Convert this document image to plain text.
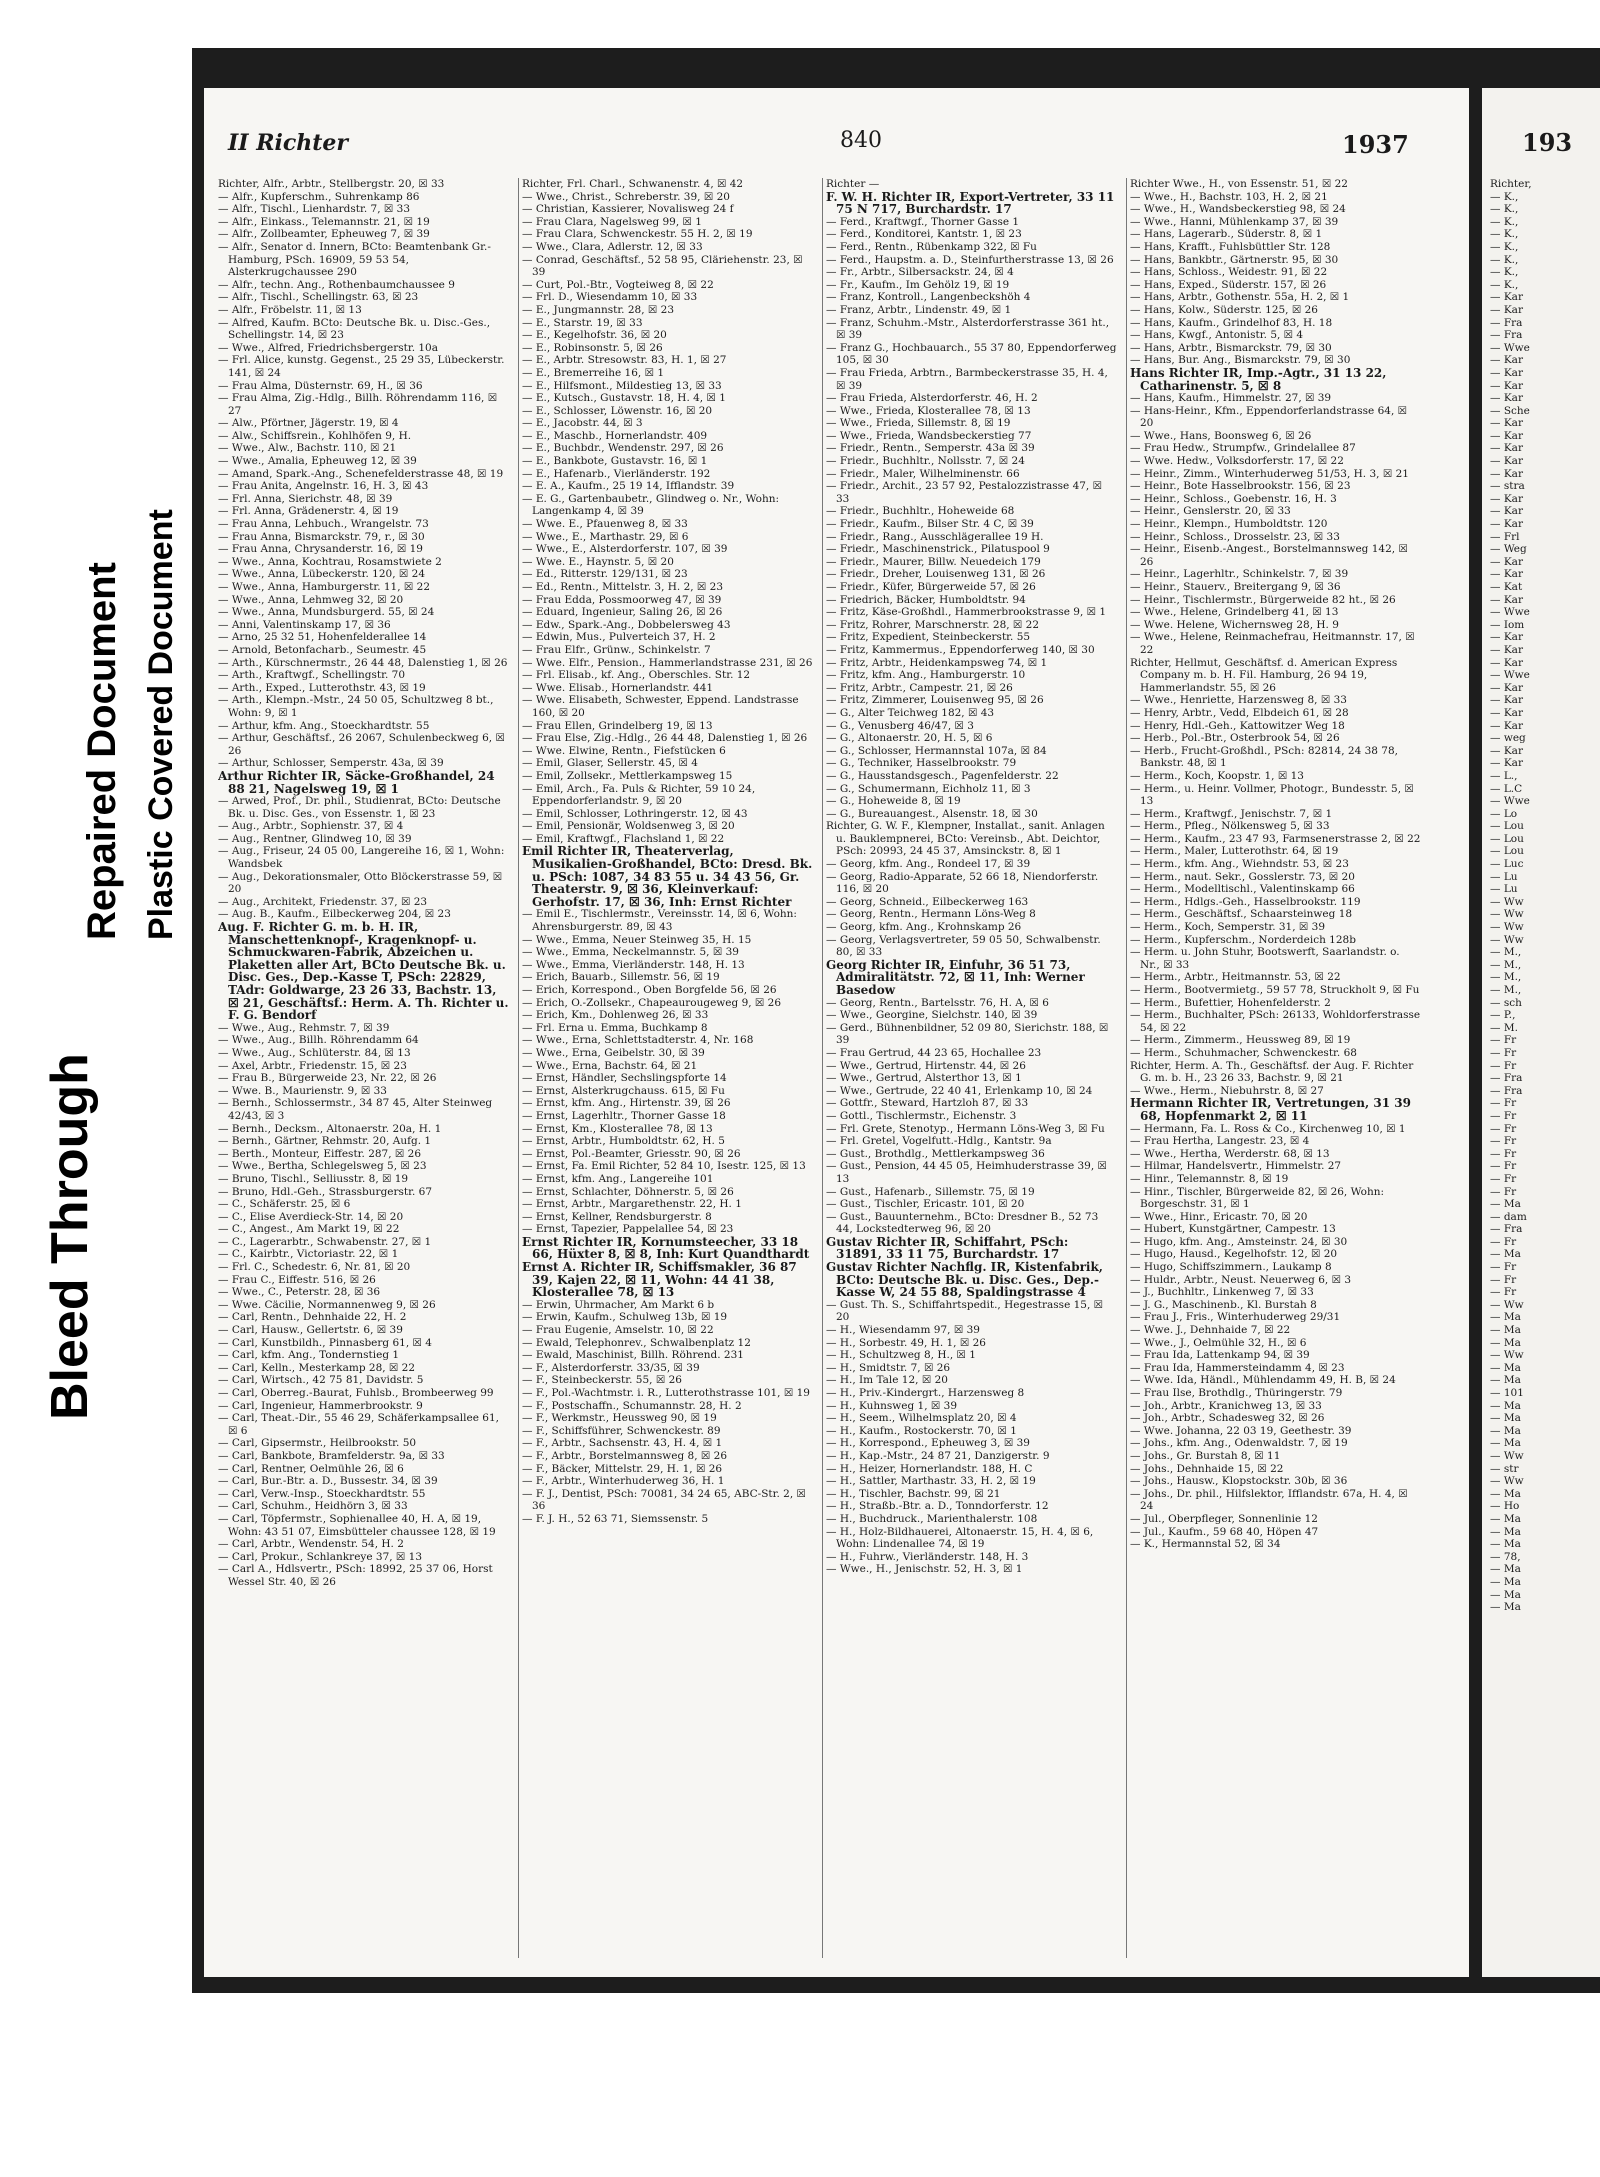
Bleed Through
Repaired Document Plastic Covered Document
II Richter	840	1937

Richter, Alfr., Arbtr., Stellbergstr. 20, ☒ 33

— Alfr., Kupferschm., Suhrenkamp 86

— Alfr., Tischl., Lienhardstr. 7, ☒ 33

— Alfr., Einkass., Telemannstr. 21, ☒ 19

— Alfr., Zollbeamter, Epheuweg 7, ☒ 39

— Alfr., Senator d. Innern, BCto: Beamtenbank Gr.-Hamburg, PSch. 16909, 59 53 54, Alsterkrugchaussee 290

— Alfr., techn. Ang., Rothenbaumchaussee 9

— Alfr., Tischl., Schellingstr. 63, ☒ 23

— Alfr., Fröbelstr. 11, ☒ 13

— Alfred, Kaufm. BCto: Deutsche Bk. u. Disc.-Ges., Schellingstr. 14, ☒ 23

— Wwe., Alfred, Friedrichsbergerstr. 10a

— Frl. Alice, kunstg. Gegenst., 25 29 35, Lübeckerstr. 141, ☒ 24

— Frau Alma, Düsternstr. 69, H., ☒ 36

— Frau Alma, Zig.-Hdlg., Billh. Röhrendamm 116, ☒ 27

— Alw., Pförtner, Jägerstr. 19, ☒ 4

— Alw., Schiffsrein., Kohlhöfen 9, H.

— Wwe., Alw., Bachstr. 110, ☒ 21

— Wwe., Amalia, Epheuweg 12, ☒ 39

— Amand, Spark.-Ang., Schenefelderstrasse 48, ☒ 19

— Frau Anita, Angelnstr. 16, H. 3, ☒ 43

— Frl. Anna, Sierichstr. 48, ☒ 39

— Frl. Anna, Grädenerstr. 4, ☒ 19

— Frau Anna, Lehbuch., Wrangelstr. 73

— Frau Anna, Bismarckstr. 79, r., ☒ 30

— Frau Anna, Chrysanderstr. 16, ☒ 19

— Wwe., Anna, Kochtrau, Rosamstwiete 2

— Wwe., Anna, Lübeckerstr. 120, ☒ 24

— Wwe., Anna, Hamburgerstr. 11, ☒ 22

— Wwe., Anna, Lehmweg 32, ☒ 20

— Wwe., Anna, Mundsburgerd. 55, ☒ 24

— Anni, Valentinskamp 17, ☒ 36

— Arno, 25 32 51, Hohenfelderallee 14

— Arnold, Betonfacharb., Seumestr. 45

— Arth., Kürschnermstr., 26 44 48, Dalenstieg 1, ☒ 26

— Arth., Kraftwgf., Schellingstr. 70

— Arth., Exped., Lutterothstr. 43, ☒ 19

— Arth., Klempn.-Mstr., 24 50 05, Schultzweg 8 bt., Wohn: 9, ☒ 1

— Arthur, kfm. Ang., Stoeckhardtstr. 55

— Arthur, Geschäftsf., 26 2067, Schulenbeckweg 6, ☒ 26

— Arthur, Schlosser, Semperstr. 43a, ☒ 39

Arthur Richter IR, Säcke-Großhandel, 24 88 21, Nagelsweg 19, ☒ 1

— Arwed, Prof., Dr. phil., Studienrat, BCto: Deutsche Bk. u. Disc. Ges., von Essenstr. 1, ☒ 23

— Aug., Arbtr., Sophienstr. 37, ☒ 4

— Aug., Rentner, Glindweg 10, ☒ 39

— Aug., Friseur, 24 05 00, Langereihe 16, ☒ 1, Wohn: Wandsbek

— Aug., Dekorationsmaler, Otto Blöckerstrasse 59, ☒ 20

— Aug., Architekt, Friedenstr. 37, ☒ 23

— Aug. B., Kaufm., Eilbeckerweg 204, ☒ 23

Aug. F. Richter G. m. b. H. IR, Manschettenknopf-, Kragenknopf- u. Schmuckwaren-Fabrik, Abzeichen u. Plaketten aller Art, BCto Deutsche Bk. u. Disc. Ges., Dep.-Kasse T, PSch: 22829, TAdr: Goldwarge, 23 26 33, Bachstr. 13, ☒ 21, Geschäftsf.: Herm. A. Th. Richter u. F. G. Bendorf

— Wwe., Aug., Rehmstr. 7, ☒ 39

— Wwe., Aug., Billh. Röhrendamm 64

— Wwe., Aug., Schlüterstr. 84, ☒ 13

— Axel, Arbtr., Friedenstr. 15, ☒ 23

— Frau B., Bürgerweide 23, Nr. 22, ☒ 26

— Wwe. B., Maurienstr. 9, ☒ 33

— Bernh., Schlossermstr., 34 87 45, Alter Steinweg 42/43, ☒ 3

— Bernh., Decksm., Altonaerstr. 20a, H. 1

— Bernh., Gärtner, Rehmstr. 20, Aufg. 1

— Berth., Monteur, Eiffestr. 287, ☒ 26

— Wwe., Bertha, Schlegelsweg 5, ☒ 23

— Bruno, Tischl., Selliusstr. 8, ☒ 19

— Bruno, Hdl.-Geh., Strassburgerstr. 67

— C., Schäferstr. 25, ☒ 6

— C., Elise Averdieck-Str. 14, ☒ 20

— C., Angest., Am Markt 19, ☒ 22

— C., Lagerarbtr., Schwabenstr. 27, ☒ 1

— C., Kairbtr., Victoriastr. 22, ☒ 1

— Frl. C., Schedestr. 6, Nr. 81, ☒ 20

— Frau C., Eiffestr. 516, ☒ 26

— Wwe., C., Peterstr. 28, ☒ 36

— Wwe. Cäcilie, Normannenweg 9, ☒ 26

— Carl, Rentn., Dehnhaide 22, H. 2

— Carl, Hausw., Gellertstr. 6, ☒ 39

— Carl, Kunstbildh., Pinnasberg 61, ☒ 4

— Carl, kfm. Ang., Tondernstieg 1

— Carl, Kelln., Mesterkamp 28, ☒ 22

— Carl, Wirtsch., 42 75 81, Davidstr. 5

— Carl, Oberreg.-Baurat, Fuhlsb., Brombeerweg 99

— Carl, Ingenieur, Hammerbrookstr. 9

— Carl, Theat.-Dir., 55 46 29, Schäferkampsallee 61, ☒ 6

— Carl, Gipsermstr., Heilbrookstr. 50

— Carl, Bankbote, Bramfelderstr. 9a, ☒ 33

— Carl, Rentner, Oelmühle 26, ☒ 6

— Carl, Bur.-Btr. a. D., Bussestr. 34, ☒ 39

— Carl, Verw.-Insp., Stoeckhardtstr. 55

— Carl, Schuhm., Heidhörn 3, ☒ 33

— Carl, Töpfermstr., Sophienallee 40, H. A, ☒ 19, Wohn: 43 51 07, Eimsbütteler chaussee 128, ☒ 19

— Carl, Arbtr., Wendenstr. 54, H. 2

— Carl, Prokur., Schlankreye 37, ☒ 13

— Carl A., Hdlsvertr., PSch: 18992, 25 37 06, Horst Wessel Str. 40, ☒ 26

Richter, Frl. Charl., Schwanenstr. 4, ☒ 42

— Wwe., Christ., Schreberstr. 39, ☒ 20

— Christian, Kassierer, Novalisweg 24 f

— Frau Clara, Nagelsweg 99, ☒ 1

— Frau Clara, Schwenckestr. 55 H. 2, ☒ 19

— Wwe., Clara, Adlerstr. 12, ☒ 33

— Conrad, Geschäftsf., 52 58 95, Cläriehenstr. 23, ☒ 39

— Curt, Pol.-Btr., Vogteiweg 8, ☒ 22

— Frl. D., Wiesendamm 10, ☒ 33

— E., Jungmannstr. 28, ☒ 23

— E., Starstr. 19, ☒ 33

— E., Kegelhofstr. 36, ☒ 20

— E., Robinsonstr. 5, ☒ 26

— E., Arbtr. Stresowstr. 83, H. 1, ☒ 27

— E., Bremerreihe 16, ☒ 1

— E., Hilfsmont., Mildestieg 13, ☒ 33

— E., Kutsch., Gustavstr. 18, H. 4, ☒ 1

— E., Schlosser, Löwenstr. 16, ☒ 20

— E., Jacobstr. 44, ☒ 3

— E., Maschb., Hornerlandstr. 409

— E., Buchbdr., Wendenstr. 297, ☒ 26

— E., Bankbote, Gustavstr. 16, ☒ 1

— E., Hafenarb., Vierländerstr. 192

— E. A., Kaufm., 25 19 14, Ifflandstr. 39

— E. G., Gartenbaubetr., Glindweg o. Nr., Wohn: Langenkamp 4, ☒ 39

— Wwe. E., Pfauenweg 8, ☒ 33

— Wwe., E., Marthastr. 29, ☒ 6

— Wwe., E., Alsterdorferstr. 107, ☒ 39

— Wwe. E., Haynstr. 5, ☒ 20

— Ed., Ritterstr. 129/131, ☒ 23

— Ed., Rentn., Mittelstr. 3, H. 2, ☒ 23

— Frau Edda, Possmoorweg 47, ☒ 39

— Eduard, Ingenieur, Saling 26, ☒ 26

— Edw., Spark.-Ang., Dobbelersweg 43

— Edwin, Mus., Pulverteich 37, H. 2

— Frau Elfr., Grünw., Schinkelstr. 7

— Wwe. Elfr., Pension., Hammerlandstrasse 231, ☒ 26

— Frl. Elisab., kf. Ang., Oberschles. Str. 12

— Wwe. Elisab., Hornerlandstr. 441

— Wwe. Elisabeth, Schwester, Eppend. Landstrasse 160, ☒ 20

— Frau Ellen, Grindelberg 19, ☒ 13

— Frau Else, Zig.-Hdlg., 26 44 48, Dalenstieg 1, ☒ 26

— Wwe. Elwine, Rentn., Fiefstücken 6

— Emil, Glaser, Sellerstr. 45, ☒ 4

— Emil, Zollsekr., Mettlerkampsweg 15

— Emil, Arch., Fa. Puls & Richter, 59 10 24, Eppendorferlandstr. 9, ☒ 20

— Emil, Schlosser, Lothringerstr. 12, ☒ 43

— Emil, Pensionär, Woldsenweg 3, ☒ 20

— Emil, Kraftwgf., Flachsland 1, ☒ 22

Emil Richter IR, Theaterverlag, Musikalien-Großhandel, BCto: Dresd. Bk. u. PSch: 1087, 34 83 55 u. 34 43 56, Gr. Theaterstr. 9, ☒ 36, Kleinverkauf: Gerhofstr. 17, ☒ 36, Inh: Ernst Richter

— Emil E., Tischlermstr., Vereinsstr. 14, ☒ 6, Wohn: Ahrensburgerstr. 89, ☒ 43

— Wwe., Emma, Neuer Steinweg 35, H. 15

— Wwe., Emma, Neckelmannstr. 5, ☒ 39

— Wwe., Emma, Vierländerstr. 148, H. 13

— Erich, Bauarb., Sillemstr. 56, ☒ 19

— Erich, Korrespond., Oben Borgfelde 56, ☒ 26

— Erich, O.-Zollsekr., Chapeaurougeweg 9, ☒ 26

— Erich, Km., Dohlenweg 26, ☒ 33

— Frl. Erna u. Emma, Buchkamp 8

— Wwe., Erna, Schlettstadterstr. 4, Nr. 168

— Wwe., Erna, Geibelstr. 30, ☒ 39

— Wwe., Erna, Bachstr. 64, ☒ 21

— Ernst, Händler, Sechslingspforte 14

— Ernst, Alsterkrugchauss. 615, ☒ Fu

— Ernst, kfm. Ang., Hirtenstr. 39, ☒ 26

— Ernst, Lagerhltr., Thorner Gasse 18

— Ernst, Km., Klosterallee 78, ☒ 13

— Ernst, Arbtr., Humboldtstr. 62, H. 5

— Ernst, Pol.-Beamter, Griesstr. 90, ☒ 26

— Ernst, Fa. Emil Richter, 52 84 10, Isestr. 125, ☒ 13

— Ernst, kfm. Ang., Langereihe 101

— Ernst, Schlachter, Döhnerstr. 5, ☒ 26

— Ernst, Arbtr., Margarethenstr. 22, H. 1

— Ernst, Kellner, Rendsburgerstr. 8

— Ernst, Tapezier, Pappelallee 54, ☒ 23

Ernst Richter IR, Kornumsteecher, 33 18 66, Hüxter 8, ☒ 8, Inh: Kurt Quandthardt

Ernst A. Richter IR, Schiffsmakler, 36 87 39, Kajen 22, ☒ 11, Wohn: 44 41 38, Klosterallee 78, ☒ 13

— Erwin, Uhrmacher, Am Markt 6 b

— Erwin, Kaufm., Schulweg 13b, ☒ 19

— Frau Eugenie, Amselstr. 10, ☒ 22

— Ewald, Telephonrev., Schwalbenplatz 12

— Ewald, Maschinist, Billh. Röhrend. 231

— F., Alsterdorferstr. 33/35, ☒ 39

— F., Steinbeckerstr. 55, ☒ 26

— F., Pol.-Wachtmstr. i. R., Lutterothstrasse 101, ☒ 19

— F., Postschaffn., Schumannstr. 28, H. 2

— F., Werkmstr., Heussweg 90, ☒ 19

— F., Schiffsführer, Schwenckestr. 89

— F., Arbtr., Sachsenstr. 43, H. 4, ☒ 1

— F., Arbtr., Borstelmannsweg 8, ☒ 26

— F., Bäcker, Mittelstr. 29, H. 1, ☒ 26

— F., Arbtr., Winterhuderweg 36, H. 1

— F. J., Dentist, PSch: 70081, 34 24 65, ABC-Str. 2, ☒ 36

— F. J. H., 52 63 71, Siemssenstr. 5

Richter —

F. W. H. Richter IR, Export-Vertreter, 33 11 75 N 717, Burchardstr. 17

— Ferd., Kraftwgf., Thorner Gasse 1

— Ferd., Konditorei, Kantstr. 1, ☒ 23

— Ferd., Rentn., Rübenkamp 322, ☒ Fu

— Ferd., Haupstm. a. D., Steinfurtherstrasse 13, ☒ 26

— Fr., Arbtr., Silbersackstr. 24, ☒ 4

— Fr., Kaufm., Im Gehölz 19, ☒ 19

— Franz, Kontroll., Langenbeckshöh 4

— Franz, Arbtr., Lindenstr. 49, ☒ 1

— Franz, Schuhm.-Mstr., Alsterdorferstrasse 361 ht., ☒ 39

— Franz G., Hochbauarch., 55 37 80, Eppendorferweg 105, ☒ 30

— Frau Frieda, Arbtrn., Barmbeckerstrasse 35, H. 4, ☒ 39

— Frau Frieda, Alsterdorferstr. 46, H. 2

— Wwe., Frieda, Klosterallee 78, ☒ 13

— Wwe., Frieda, Sillemstr. 8, ☒ 19

— Wwe., Frieda, Wandsbeckerstieg 77

— Friedr., Rentn., Semperstr. 43a ☒ 39

— Friedr., Buchhltr., Nollsstr. 7, ☒ 24

— Friedr., Maler, Wilhelminenstr. 66

— Friedr., Archit., 23 57 92, Pestalozzistrasse 47, ☒ 33

— Friedr., Buchhltr., Hoheweide 68

— Friedr., Kaufm., Bilser Str. 4 C, ☒ 39

— Friedr., Rang., Ausschlägerallee 19 H.

— Friedr., Maschinenstrick., Pilatuspool 9

— Friedr., Maurer, Billw. Neuedeich 179

— Friedr., Dreher, Louisenweg 131, ☒ 26

— Friedr., Küfer, Bürgerweide 57, ☒ 26

— Friedrich, Bäcker, Humboldtstr. 94

— Fritz, Käse-Großhdl., Hammerbrookstrasse 9, ☒ 1

— Fritz, Rohrer, Marschnerstr. 28, ☒ 22

— Fritz, Expedient, Steinbeckerstr. 55

— Fritz, Kammermus., Eppendorferweg 140, ☒ 30

— Fritz, Arbtr., Heidenkampsweg 74, ☒ 1

— Fritz, kfm. Ang., Hamburgerstr. 10

— Fritz, Arbtr., Campestr. 21, ☒ 26

— Fritz, Zimmerer, Louisenweg 95, ☒ 26

— G., Alter Teichweg 182, ☒ 43

— G., Venusberg 46/47, ☒ 3

— G., Altonaerstr. 20, H. 5, ☒ 6

— G., Schlosser, Hermannstal 107a, ☒ 84

— G., Techniker, Hasselbrookstr. 79

— G., Hausstandsgesch., Pagenfelderstr. 22

— G., Schumermann, Eichholz 11, ☒ 3

— G., Hoheweide 8, ☒ 19

— G., Bureauangest., Alsenstr. 18, ☒ 30

Richter, G. W. F., Klempner, Installat., sanit. Anlagen u. Bauklempnerei, BCto: Vereinsb., Abt. Deichtor, PSch: 20993, 24 45 37, Amsinckstr. 8, ☒ 1

— Georg, kfm. Ang., Rondeel 17, ☒ 39

— Georg, Radio-Apparate, 52 66 18, Niendorferstr. 116, ☒ 20

— Georg, Schneid., Eilbeckerweg 163

— Georg, Rentn., Hermann Löns-Weg 8

— Georg, kfm. Ang., Krohnskamp 26

— Georg, Verlagsvertreter, 59 05 50, Schwalbenstr. 80, ☒ 33

Georg Richter IR, Einfuhr, 36 51 73, Admiralitätstr. 72, ☒ 11, Inh: Werner Basedow

— Georg, Rentn., Bartelsstr. 76, H. A, ☒ 6

— Wwe., Georgine, Sielchstr. 140, ☒ 39

— Gerd., Bühnenbildner, 52 09 80, Sierichstr. 188, ☒ 39

— Frau Gertrud, 44 23 65, Hochallee 23

— Wwe., Gertrud, Hirtenstr. 44, ☒ 26

— Wwe., Gertrud, Alsterthor 13, ☒ 1

— Wwe., Gertrude, 22 40 41, Erlenkamp 10, ☒ 24

— Gottfr., Steward, Hartzloh 87, ☒ 33

— Gottl., Tischlermstr., Eichenstr. 3

— Frl. Grete, Stenotyp., Hermann Löns-Weg 3, ☒ Fu

— Frl. Gretel, Vogelfutt.-Hdlg., Kantstr. 9a

— Gust., Brothdlg., Mettlerkampsweg 36

— Gust., Pension, 44 45 05, Heimhuderstrasse 39, ☒ 13

— Gust., Hafenarb., Sillemstr. 75, ☒ 19

— Gust., Tischler, Ericastr. 101, ☒ 20

— Gust., Bauunternehm., BCto: Dresdner B., 52 73 44, Lockstedterweg 96, ☒ 20

Gustav Richter IR, Schiffahrt, PSch: 31891, 33 11 75, Burchardstr. 17

Gustav Richter Nachflg. IR, Kistenfabrik, BCto: Deutsche Bk. u. Disc. Ges., Dep.-Kasse W, 24 55 88, Spaldingstrasse 4

— Gust. Th. S., Schiffahrtspedit., Hegestrasse 15, ☒ 20

— H., Wiesendamm 97, ☒ 39

— H., Sorbestr. 49, H. 1, ☒ 26

— H., Schultzweg 8, H., ☒ 1

— H., Smidtstr. 7, ☒ 26

— H., Im Tale 12, ☒ 20

— H., Priv.-Kindergrt., Harzensweg 8

— H., Kuhnsweg 1, ☒ 39

— H., Seem., Wilhelmsplatz 20, ☒ 4

— H., Kaufm., Rostockerstr. 70, ☒ 1

— H., Korrespond., Epheuweg 3, ☒ 39

— H., Kap.-Mstr., 24 87 21, Danzigerstr. 9

— H., Heizer, Hornerlandstr. 188, H. C

— H., Sattler, Marthastr. 33, H. 2, ☒ 19

— H., Tischler, Bachstr. 99, ☒ 21

— H., Straßb.-Btr. a. D., Tonndorferstr. 12

— H., Buchdruck., Marienthalerstr. 108

— H., Holz-Bildhauerei, Altonaerstr. 15, H. 4, ☒ 6, Wohn: Lindenallee 74, ☒ 19

— H., Fuhrw., Vierländerstr. 148, H. 3

— Wwe., H., Jenischstr. 52, H. 3, ☒ 1

Richter Wwe., H., von Essenstr. 51, ☒ 22

— Wwe., H., Bachstr. 103, H. 2, ☒ 21

— Wwe., H., Wandsbeckerstieg 98, ☒ 24

— Wwe., Hanni, Mühlenkamp 37, ☒ 39

— Hans, Lagerarb., Süderstr. 8, ☒ 1

— Hans, Krafft., Fuhlsbüttler Str. 128

— Hans, Bankbtr., Gärtnerstr. 95, ☒ 30

— Hans, Schloss., Weidestr. 91, ☒ 22

— Hans, Exped., Süderstr. 157, ☒ 26

— Hans, Arbtr., Gothenstr. 55a, H. 2, ☒ 1

— Hans, Kolw., Süderstr. 125, ☒ 26

— Hans, Kaufm., Grindelhof 83, H. 18

— Hans, Kwgf., Antonistr. 5, ☒ 4

— Hans, Arbtr., Bismarckstr. 79, ☒ 30

— Hans, Bur. Ang., Bismarckstr. 79, ☒ 30

Hans Richter IR, Imp.-Agtr., 31 13 22, Catharinenstr. 5, ☒ 8

— Hans, Kaufm., Himmelstr. 27, ☒ 39

— Hans-Heinr., Kfm., Eppendorferlandstrasse 64, ☒ 20

— Wwe., Hans, Boonsweg 6, ☒ 26

— Frau Hedw., Strumpfw., Grindelallee 87

— Wwe. Hedw., Volksdorferstr. 17, ☒ 22

— Heinr., Zimm., Winterhuderweg 51/53, H. 3, ☒ 21

— Heinr., Bote Hasselbrookstr. 156, ☒ 23

— Heinr., Schloss., Goebenstr. 16, H. 3

— Heinr., Genslerstr. 20, ☒ 33

— Heinr., Klempn., Humboldtstr. 120

— Heinr., Schloss., Drosselstr. 23, ☒ 33

— Heinr., Eisenb.-Angest., Borstelmannsweg 142, ☒ 26

— Heinr., Lagerhltr., Schinkelstr. 7, ☒ 39

— Heinr., Stauerv., Breitergang 9, ☒ 36

— Heinr., Tischlermstr., Bürgerweide 82 ht., ☒ 26

— Wwe., Helene, Grindelberg 41, ☒ 13

— Wwe. Helene, Wichernsweg 28, H. 9

— Wwe., Helene, Reinmachefrau, Heitmannstr. 17, ☒ 22

Richter, Hellmut, Geschäftsf. d. American Express Company m. b. H. Fil. Hamburg, 26 94 19, Hammerlandstr. 55, ☒ 26

— Wwe., Henriette, Harzensweg 8, ☒ 33

— Henry, Arbtr., Vedd, Elbdeich 61, ☒ 28

— Henry, Hdl.-Geh., Kattowitzer Weg 18

— Herb., Pol.-Btr., Osterbrook 54, ☒ 26

— Herb., Frucht-Großhdl., PSch: 82814, 24 38 78, Bankstr. 48, ☒ 1

— Herm., Koch, Koopstr. 1, ☒ 13

— Herm., u. Heinr. Vollmer, Photogr., Bundesstr. 5, ☒ 13

— Herm., Kraftwgf., Jenischstr. 7, ☒ 1

— Herm., Pfleg., Nölkensweg 5, ☒ 33

— Herm., Kaufm., 23 47 93, Farmsenerstrasse 2, ☒ 22

— Herm., Maler, Lutterothstr. 64, ☒ 19

— Herm., kfm. Ang., Wiehndstr. 53, ☒ 23

— Herm., naut. Sekr., Gosslerstr. 73, ☒ 20

— Herm., Modelltischl., Valentinskamp 66

— Herm., Hdlgs.-Geh., Hasselbrookstr. 119

— Herm., Geschäftsf., Schaarsteinweg 18

— Herm., Koch, Semperstr. 31, ☒ 39

— Herm., Kupferschm., Norderdeich 128b

— Herm. u. John Stuhr, Bootswerft, Saarlandstr. o. Nr., ☒ 33

— Herm., Arbtr., Heitmannstr. 53, ☒ 22

— Herm., Bootvermietg., 59 57 78, Struckholt 9, ☒ Fu

— Herm., Bufettier, Hohenfelderstr. 2

— Herm., Buchhalter, PSch: 26133, Wohldorferstrasse 54, ☒ 22

— Herm., Zimmerm., Heussweg 89, ☒ 19

— Herm., Schuhmacher, Schwenckestr. 68

Richter, Herm. A. Th., Geschäftsf. der Aug. F. Richter G. m. b. H., 23 26 33, Bachstr. 9, ☒ 21

— Wwe., Herm., Niebuhrstr. 8, ☒ 27

Hermann Richter IR, Vertretungen, 31 39 68, Hopfenmarkt 2, ☒ 11

— Hermann, Fa. L. Ross & Co., Kirchenweg 10, ☒ 1

— Frau Hertha, Langestr. 23, ☒ 4

— Wwe., Hertha, Werderstr. 68, ☒ 13

— Hilmar, Handelsvertr., Himmelstr. 27

— Hinr., Telemannstr. 8, ☒ 19

— Hinr., Tischler, Bürgerweide 82, ☒ 26, Wohn: Borgeschstr. 31, ☒ 1

— Wwe., Hinr., Ericastr. 70, ☒ 20

— Hubert, Kunstgärtner, Campestr. 13

— Hugo, kfm. Ang., Amsteinstr. 24, ☒ 30

— Hugo, Hausd., Kegelhofstr. 12, ☒ 20

— Hugo, Schiffszimmern., Laukamp 8

— Huldr., Arbtr., Neust. Neuerweg 6, ☒ 3

— J., Buchhltr., Linkenweg 7, ☒ 33

— J. G., Maschinenb., Kl. Burstah 8

— Frau J., Fris., Winterhuderweg 29/31

— Wwe. J., Dehnhaide 7, ☒ 22

— Wwe., J., Oelmühle 32, H., ☒ 6

— Frau Ida, Lattenkamp 94, ☒ 39

— Frau Ida, Hammersteindamm 4, ☒ 23

— Wwe. Ida, Händl., Mühlendamm 49, H. B, ☒ 24

— Frau Ilse, Brothdlg., Thüringerstr. 79

— Joh., Arbtr., Kranichweg 13, ☒ 33

— Joh., Arbtr., Schadesweg 32, ☒ 26

— Wwe. Johanna, 22 03 19, Geethestr. 39

— Johs., kfm. Ang., Odenwaldstr. 7, ☒ 19

— Johs., Gr. Burstah 8, ☒ 11

— Johs., Dehnhaide 15, ☒ 22

— Johs., Hausw., Klopstockstr. 30b, ☒ 36

— Johs., Dr. phil., Hilfslektor, Ifflandstr. 67a, H. 4, ☒ 24

— Jul., Oberpfleger, Sonnenlinie 12

— Jul., Kaufm., 59 68 40, Höpen 47

— K., Hermannstal 52, ☒ 34

193
Richter,
— K.,
— K.,
— K.,
— K.,
— K.,
— K.,
— K.,
— K.,
— Kar
— Kar
— Fra
— Fra
— Wwe
— Kar
— Kar
— Kar
— Kar
— Sche
— Kar
— Kar
— Kar
— Kar
— Kar
— stra
— Kar
— Kar
— Kar
— Frl
— Weg
— Kar
— Kar
— Kat
— Kar
— Wwe
— Iom
— Kar
— Kar
— Kar
— Wwe
— Kar
— Kar
— Kar
— Kar
— weg
— Kar
— Kar
— L.,
— L.C
— Wwe
— Lo
— Lou
— Lou
— Lou
— Luc
— Lu
— Lu
— Ww
— Ww
— Ww
— Ww
— M.,
— M.,
— M.,
— M.,
— sch
— P.,
— M.
— Fr
— Fr
— Fr
— Fra
— Fra
— Fr
— Fr
— Fr
— Fr
— Fr
— Fr
— Fr
— Fr
— Ma
— dam
— Fra
— Fr
— Ma
— Fr
— Fr
— Fr
— Ww
— Ma
— Ma
— Ma
— Ww
— Ma
— Ma
— 101
— Ma
— Ma
— Ma
— Ma
— Ww
— str
— Ww
— Ma
— Ho
— Ma
— Ma
— Ma
— 78,
— Ma
— Ma
— Ma
— Ma
